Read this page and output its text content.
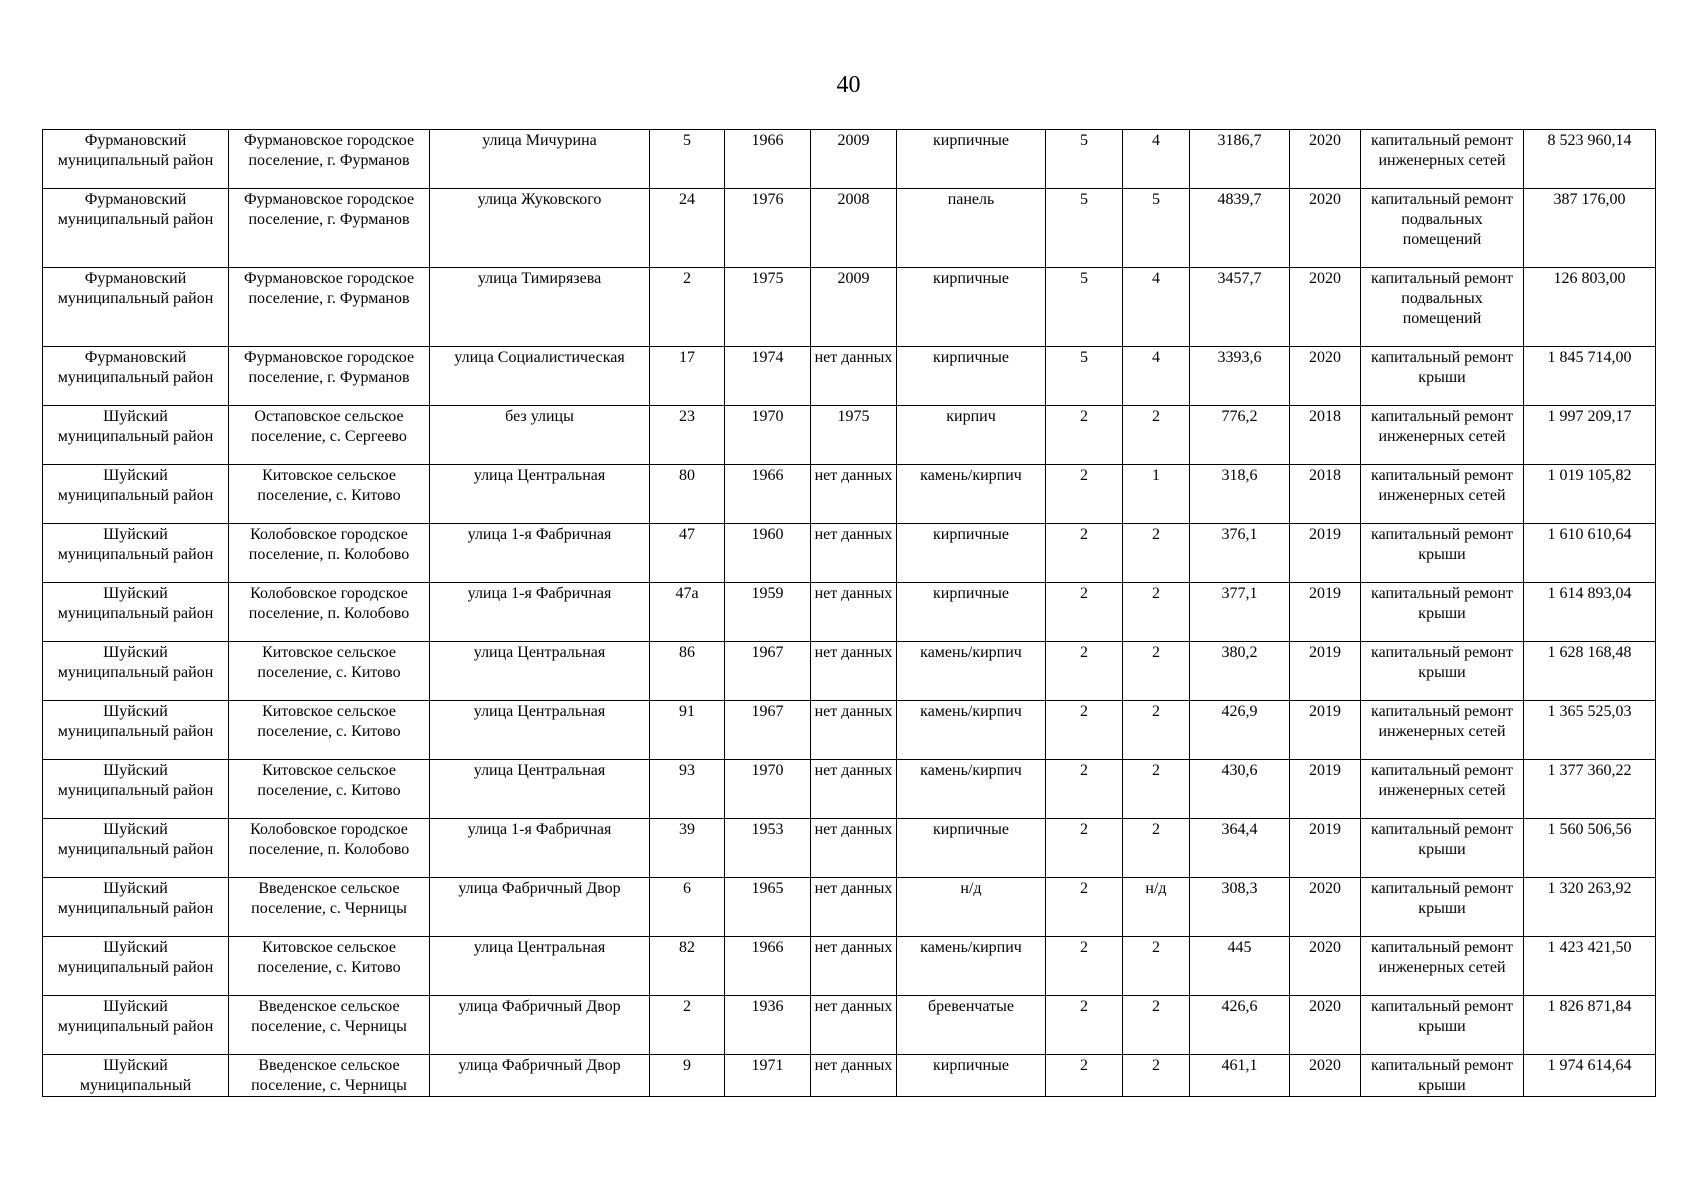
40
Фурмановский муниципальный район	Фурмановское городское поселение, г. Фурманов	улица Мичурина	5	1966	2009	кирпичные	5	4	3186,7	2020	капитальный ремонт инженерных сетей	8 523 960,14
Фурмановский муниципальный район	Фурмановское городское поселение, г. Фурманов	улица Жуковского	24	1976	2008	панель	5	5	4839,7	2020	капитальный ремонт подвальных помещений	387 176,00
Фурмановский муниципальный район	Фурмановское городское поселение, г. Фурманов	улица Тимирязева	2	1975	2009	кирпичные	5	4	3457,7	2020	капитальный ремонт подвальных помещений	126 803,00
Фурмановский муниципальный район	Фурмановское городское поселение, г. Фурманов	улица Социалистическая	17	1974	нет данных	кирпичные	5	4	3393,6	2020	капитальный ремонт крыши	1 845 714,00
Шуйский муниципальный район	Остаповское сельское поселение, с. Сергеево	без улицы	23	1970	1975	кирпич	2	2	776,2	2018	капитальный ремонт инженерных сетей	1 997 209,17
Шуйский муниципальный район	Китовское сельское поселение, с. Китово	улица Центральная	80	1966	нет данных	камень/кирпич	2	1	318,6	2018	капитальный ремонт инженерных сетей	1 019 105,82
Шуйский муниципальный район	Колобовское городское поселение, п. Колобово	улица 1-я Фабричная	47	1960	нет данных	кирпичные	2	2	376,1	2019	капитальный ремонт крыши	1 610 610,64
Шуйский муниципальный район	Колобовское городское поселение, п. Колобово	улица 1-я Фабричная	47а	1959	нет данных	кирпичные	2	2	377,1	2019	капитальный ремонт крыши	1 614 893,04
Шуйский муниципальный район	Китовское сельское поселение, с. Китово	улица Центральная	86	1967	нет данных	камень/кирпич	2	2	380,2	2019	капитальный ремонт крыши	1 628 168,48
Шуйский муниципальный район	Китовское сельское поселение, с. Китово	улица Центральная	91	1967	нет данных	камень/кирпич	2	2	426,9	2019	капитальный ремонт инженерных сетей	1 365 525,03
Шуйский муниципальный район	Китовское сельское поселение, с. Китово	улица Центральная	93	1970	нет данных	камень/кирпич	2	2	430,6	2019	капитальный ремонт инженерных сетей	1 377 360,22
Шуйский муниципальный район	Колобовское городское поселение, п. Колобово	улица 1-я Фабричная	39	1953	нет данных	кирпичные	2	2	364,4	2019	капитальный ремонт крыши	1 560 506,56
Шуйский муниципальный район	Введенское сельское поселение, с. Черницы	улица Фабричный Двор	6	1965	нет данных	н/д	2	н/д	308,3	2020	капитальный ремонт крыши	1 320 263,92
Шуйский муниципальный район	Китовское сельское поселение, с. Китово	улица Центральная	82	1966	нет данных	камень/кирпич	2	2	445	2020	капитальный ремонт инженерных сетей	1 423 421,50
Шуйский муниципальный район	Введенское сельское поселение, с. Черницы	улица Фабричный Двор	2	1936	нет данных	бревенчатые	2	2	426,6	2020	капитальный ремонт крыши	1 826 871,84
Шуйский муниципальный	Введенское сельское поселение, с. Черницы	улица Фабричный Двор	9	1971	нет данных	кирпичные	2	2	461,1	2020	капитальный ремонт крыши	1 974 614,64
